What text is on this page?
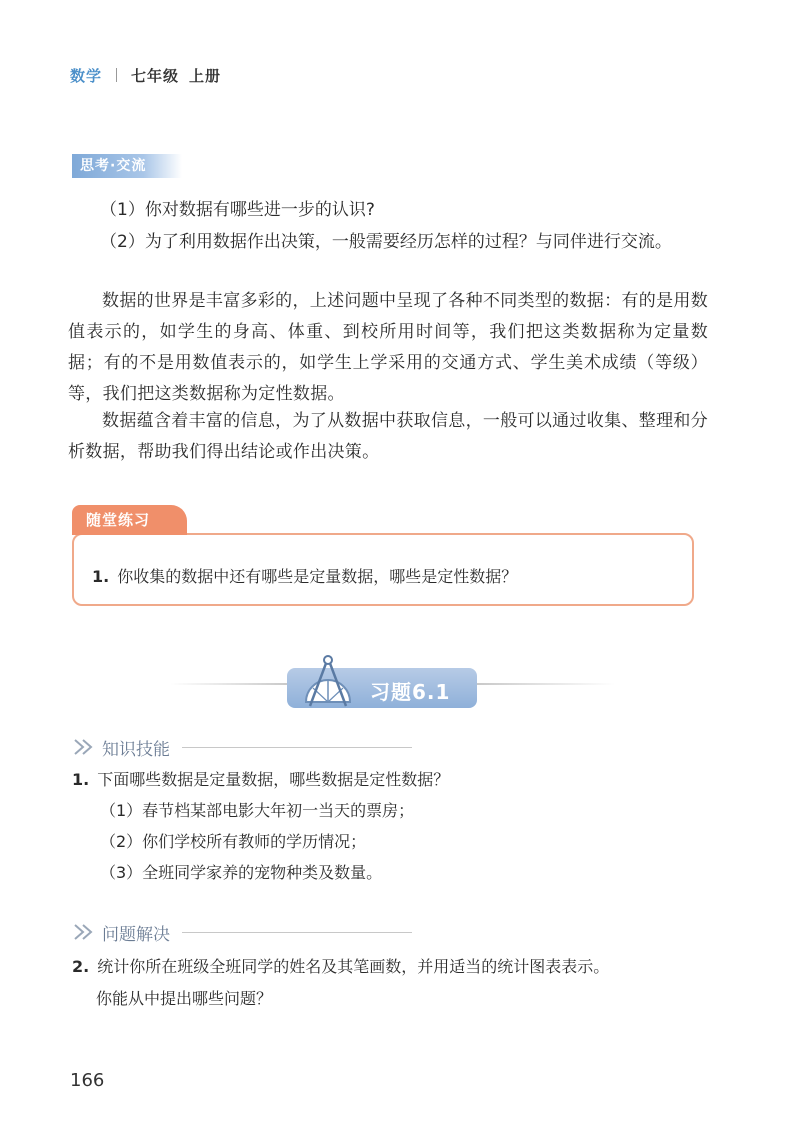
数学 七年级 上册
思考·交流
（1）你对数据有哪些进一步的认识?
（2）为了利用数据作出决策，一般需要经历怎样的过程？与同伴进行交流。
数据的世界是丰富多彩的，上述问题中呈现了各种不同类型的数据：有的是用数值表示的，如学生的身高、体重、到校所用时间等，我们把这类数据称为定量数据；有的不是用数值表示的，如学生上学采用的交通方式、学生美术成绩（等级）等，我们把这类数据称为定性数据。
数据蕴含着丰富的信息，为了从数据中获取信息，一般可以通过收集、整理和分析数据，帮助我们得出结论或作出决策。
随堂练习
1. 你收集的数据中还有哪些是定量数据，哪些是定性数据？
习题6.1
知识技能
1. 下面哪些数据是定量数据，哪些数据是定性数据？
（1）春节档某部电影大年初一当天的票房；
（2）你们学校所有教师的学历情况；
（3）全班同学家养的宠物种类及数量。
问题解决
2. 统计你所在班级全班同学的姓名及其笔画数，并用适当的统计图表表示。
你能从中提出哪些问题？
166
